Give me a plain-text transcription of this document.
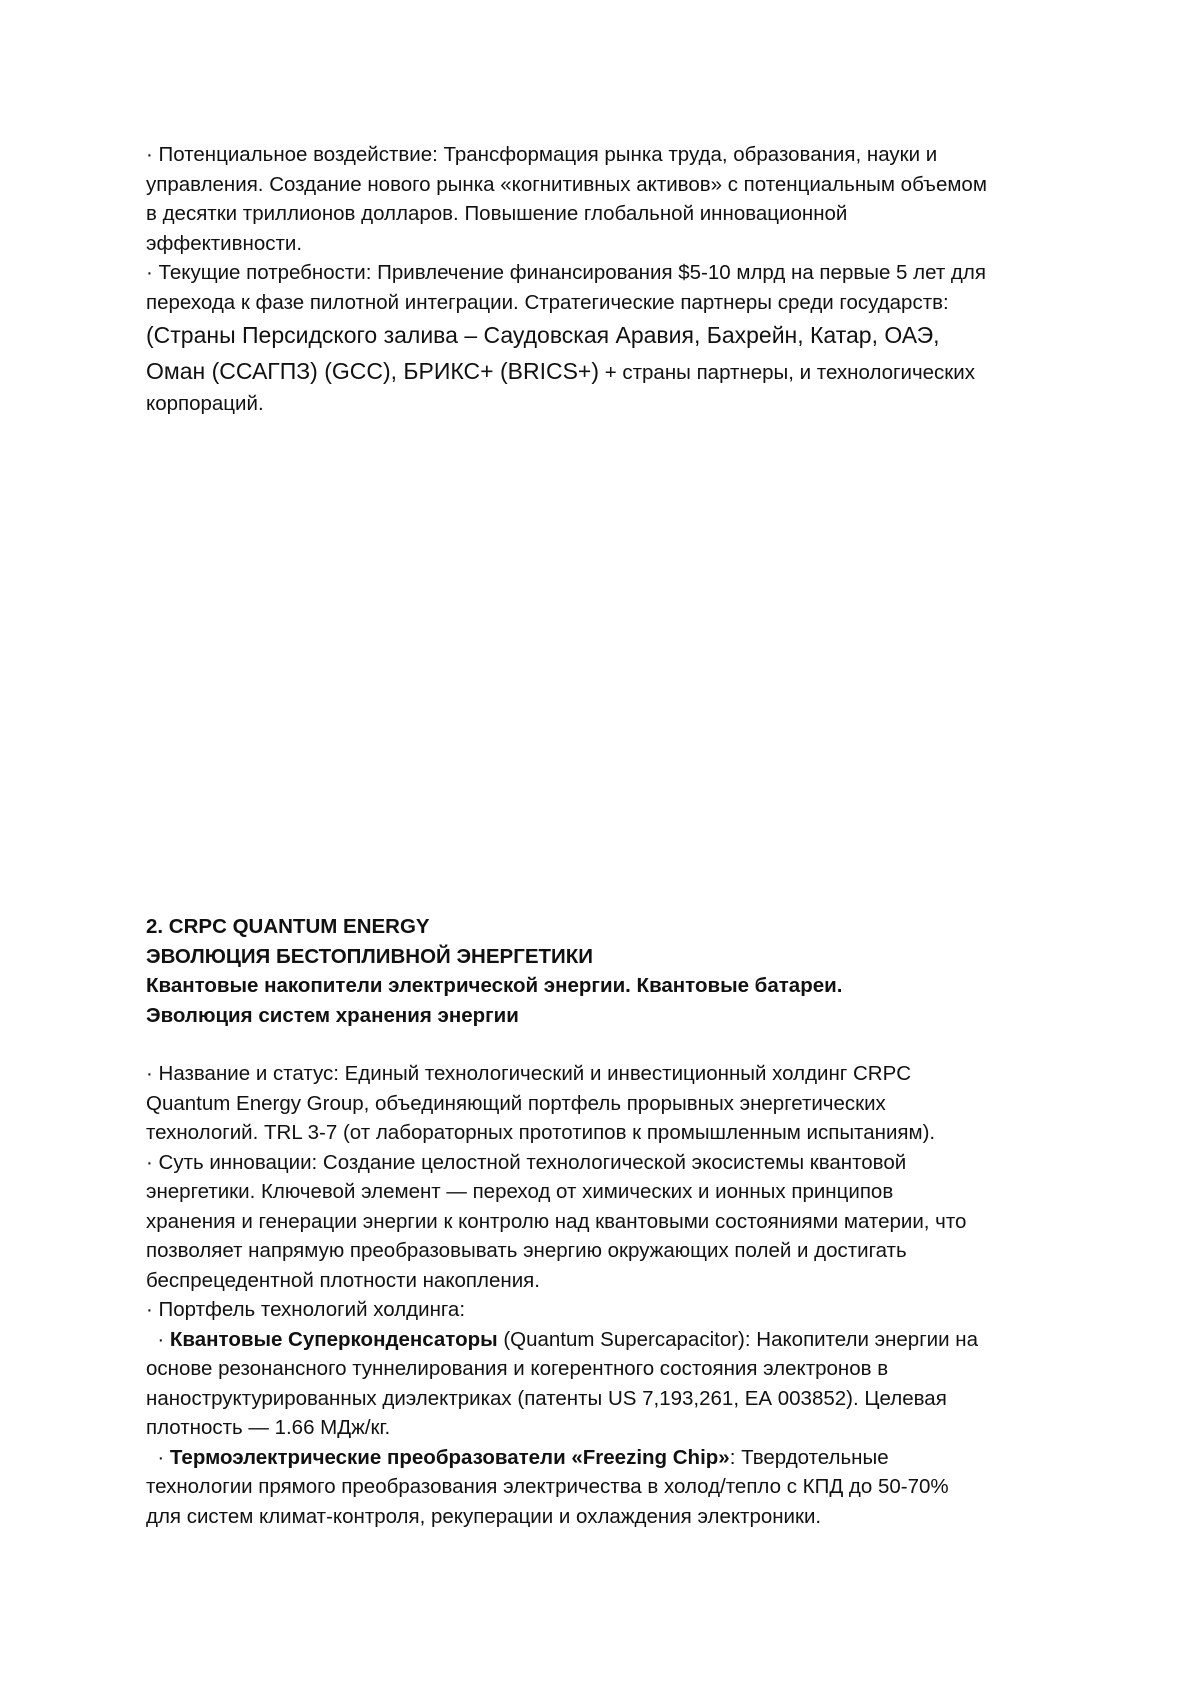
· Потенциальное воздействие: Трансформация рынка труда, образования, науки и

управления. Создание нового рынка «когнитивных активов» с потенциальным объемом

в десятки триллионов долларов. Повышение глобальной инновационной

эффективности.

· Текущие потребности: Привлечение финансирования $5-10 млрд на первые 5 лет для

перехода к фазе пилотной интеграции. Стратегические партнеры среди государств:

(Страны Персидского залива – Саудовская Аравия, Бахрейн, Катар, ОАЭ,

Оман (ССАГПЗ) (GCC), БРИКС+ (BRICS+) + страны партнеры, и технологических

корпораций.

2. CRPC QUANTUM ENERGY

ЭВОЛЮЦИЯ БЕСТОПЛИВНОЙ ЭНЕРГЕТИКИ

Квантовые накопители электрической энергии. Квантовые батареи.

Эволюция систем хранения энергии

· Название и статус: Единый технологический и инвестиционный холдинг CRPC

Quantum Energy Group, объединяющий портфель прорывных энергетических

технологий. TRL 3-7 (от лабораторных прототипов к промышленным испытаниям).

· Суть инновации: Создание целостной технологической экосистемы квантовой

энергетики. Ключевой элемент — переход от химических и ионных принципов

хранения и генерации энергии к контролю над квантовыми состояниями материи, что

позволяет напрямую преобразовывать энергию окружающих полей и достигать

беспрецедентной плотности накопления.

· Портфель технологий холдинга:

· Квантовые Суперконденсаторы (Quantum Supercapacitor): Накопители энергии на

основе резонансного туннелирования и когерентного состояния электронов в

наноструктурированных диэлектриках (патенты US 7,193,261, ЕА 003852). Целевая

плотность — 1.66 МДж/кг.

· Термоэлектрические преобразователи «Freezing Chip»: Твердотельные

технологии прямого преобразования электричества в холод/тепло с КПД до 50-70%

для систем климат-контроля, рекуперации и охлаждения электроники.
